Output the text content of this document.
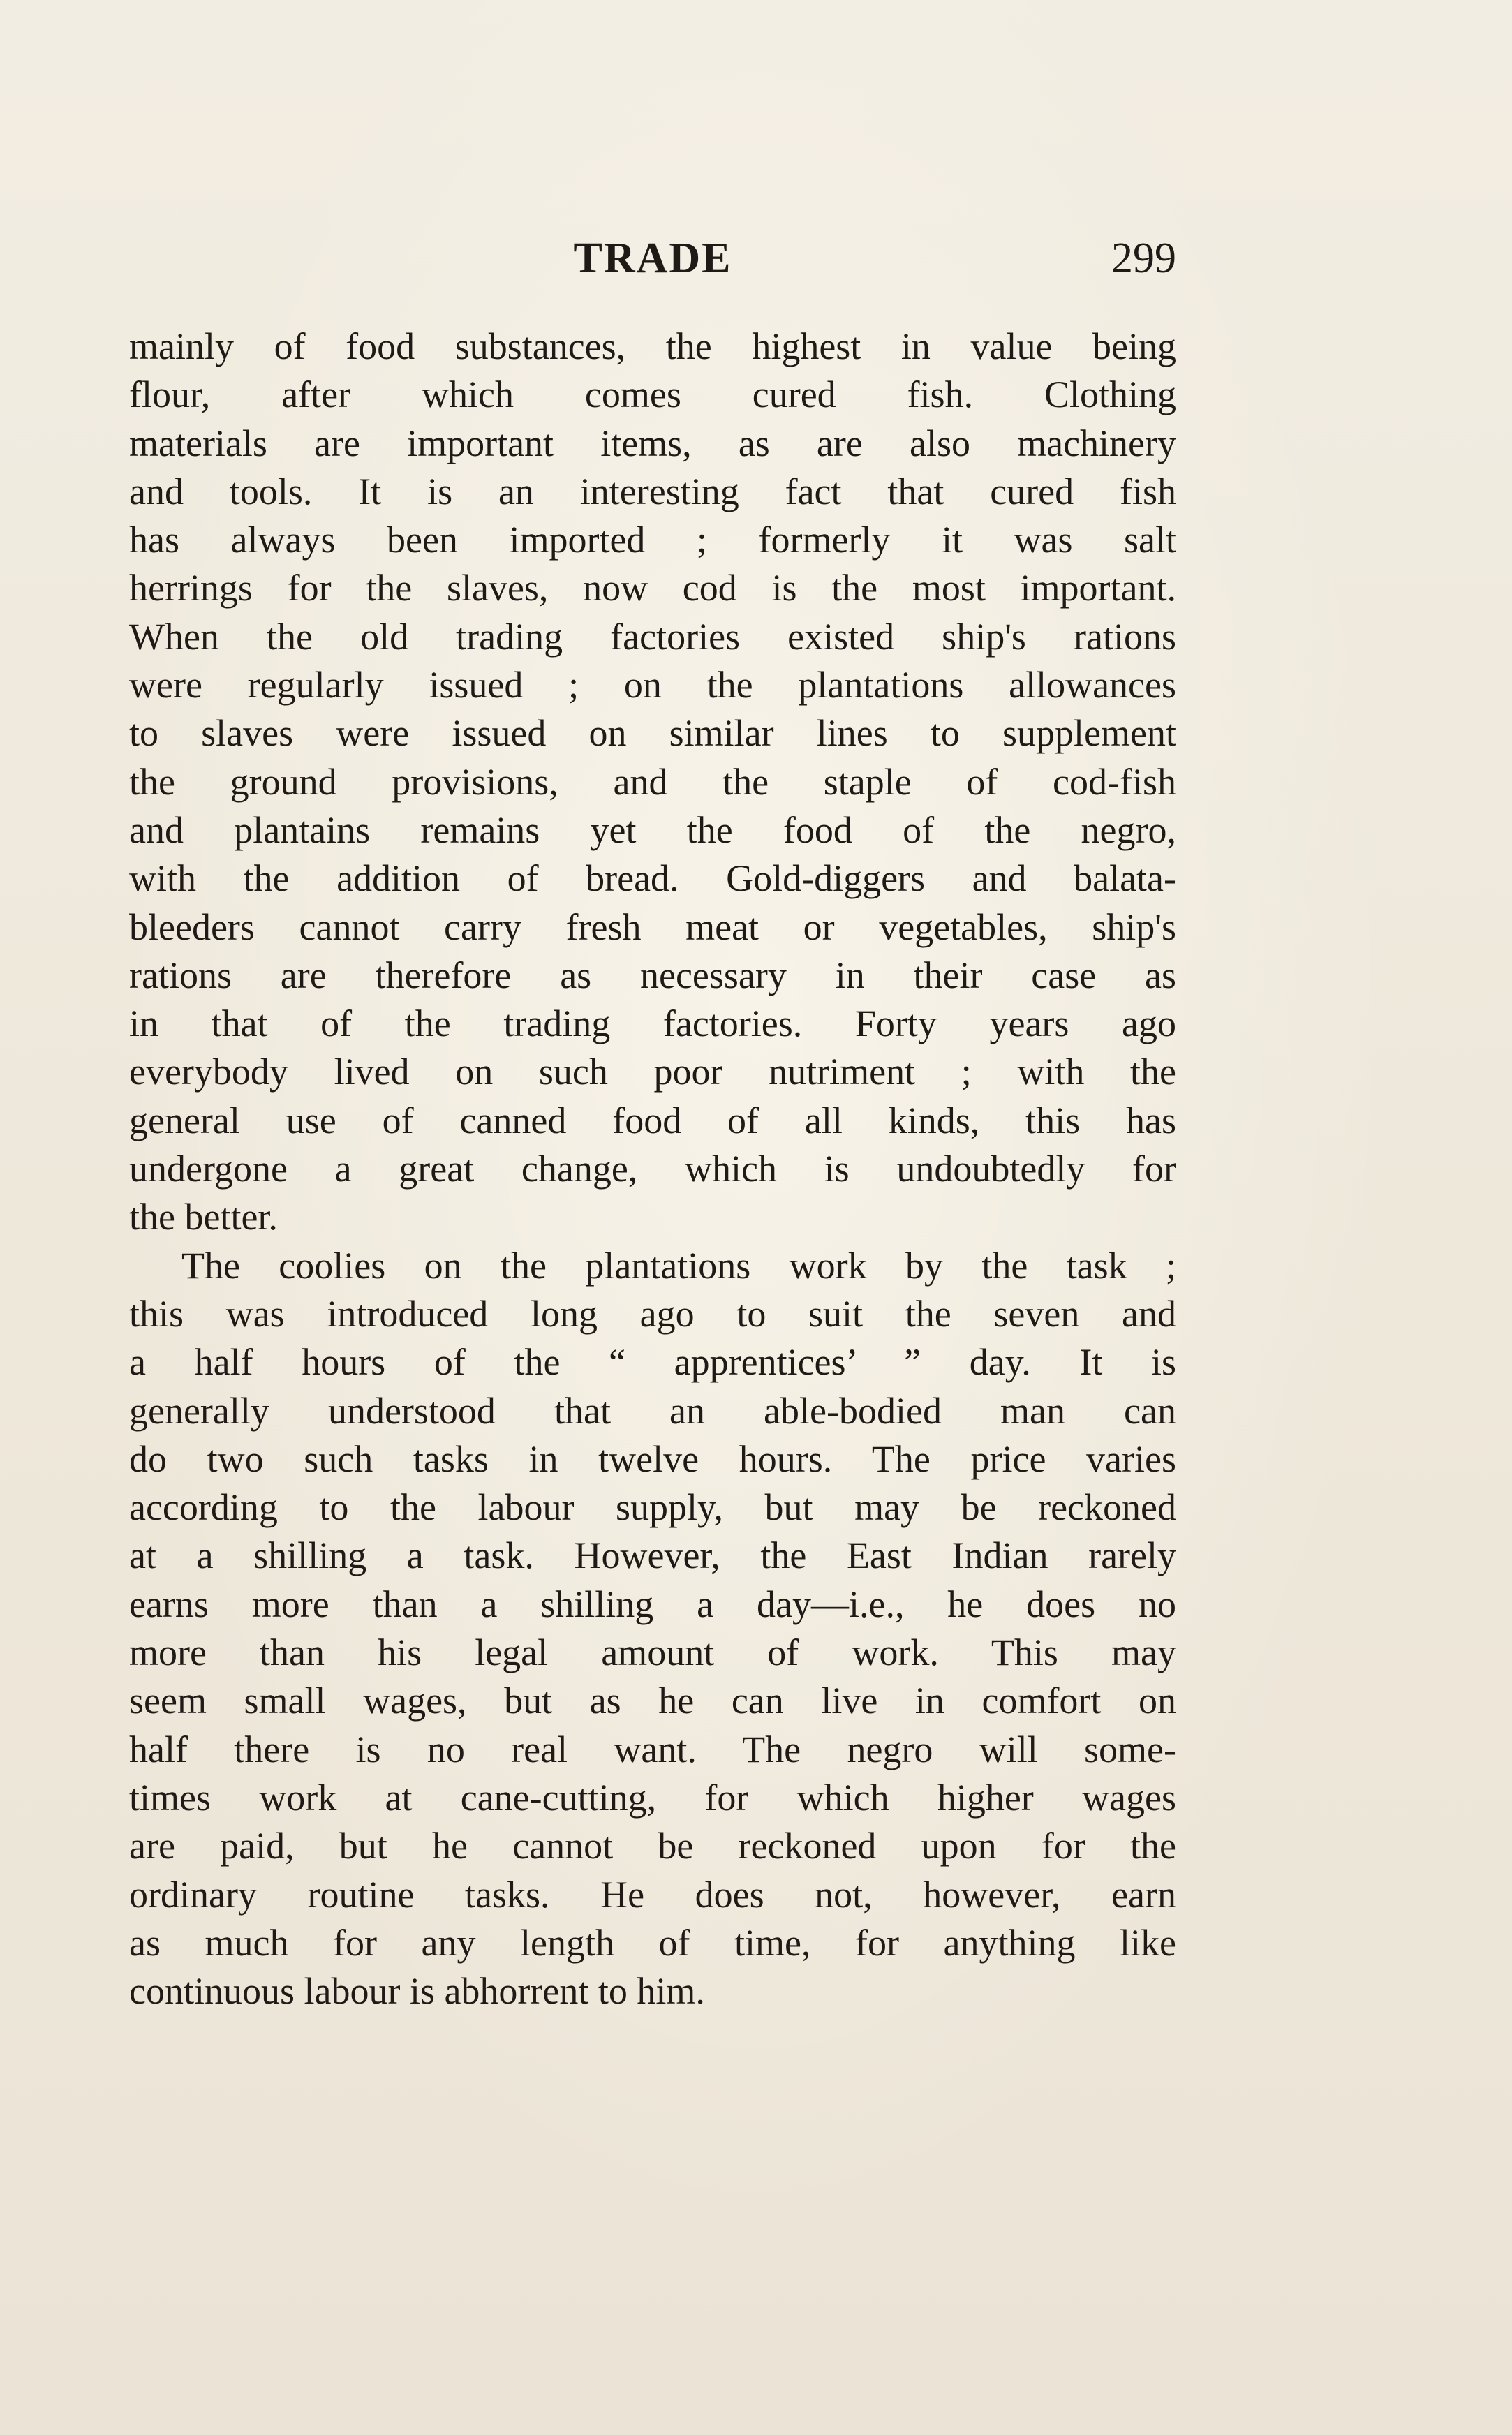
TRADE	299
mainly of food substances, the highest in value being
flour, after which comes cured fish. Clothing
materials are important items, as are also machinery
and tools. It is an interesting fact that cured fish
has always been imported ; formerly it was salt
herrings for the slaves, now cod is the most important.
When the old trading factories existed ship's rations
were regularly issued ; on the plantations allowances
to slaves were issued on similar lines to supplement
the ground provisions, and the staple of cod-fish
and plantains remains yet the food of the negro,
with the addition of bread. Gold-diggers and balata-
bleeders cannot carry fresh meat or vegetables, ship's
rations are therefore as necessary in their case as
in that of the trading factories. Forty years ago
everybody lived on such poor nutriment ; with the
general use of canned food of all kinds, this has
undergone a great change, which is undoubtedly for
the better.
The coolies on the plantations work by the task ;
this was introduced long ago to suit the seven and
a half hours of the “ apprentices’ ” day. It is
generally understood that an able-bodied man can
do two such tasks in twelve hours. The price varies
according to the labour supply, but may be reckoned
at a shilling a task. However, the East Indian rarely
earns more than a shilling a day—i.e., he does no
more than his legal amount of work. This may
seem small wages, but as he can live in comfort on
half there is no real want. The negro will some-
times work at cane-cutting, for which higher wages
are paid, but he cannot be reckoned upon for the
ordinary routine tasks. He does not, however, earn
as much for any length of time, for anything like
continuous labour is abhorrent to him.
